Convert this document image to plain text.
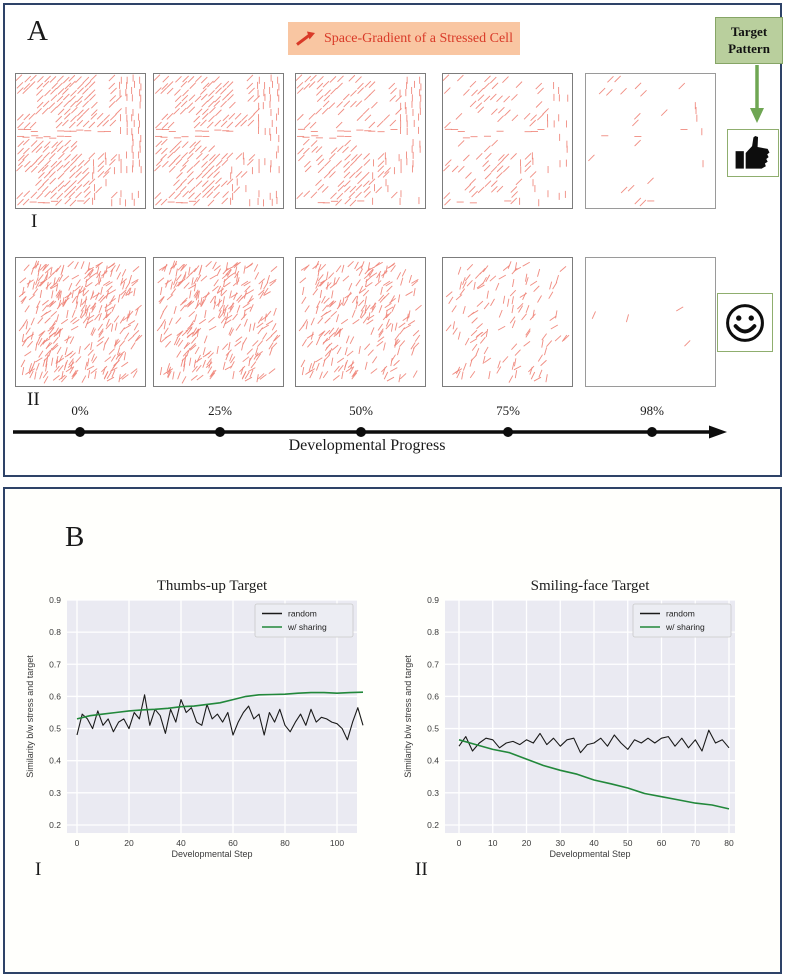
A	Space-Gradient of a Stressed Cell	Target Pattern
I
II
0%	25%	50%	75%	98%
Developmental Progress
B
0	20	40	60	80	100
0.2
0.3
0.4
0.5
0.6
0.7
0.8
0.9
Thumbs-up Target
Developmental Step
Similarity b/w stress and target
random
w/ sharing
0	10	20	30	40	50	60	70	80
0.2
0.3
0.4
0.5
0.6
0.7
0.8
0.9
Smiling-face Target
Developmental Step
Similarity b/w stress and target
random
w/ sharing
I	II
